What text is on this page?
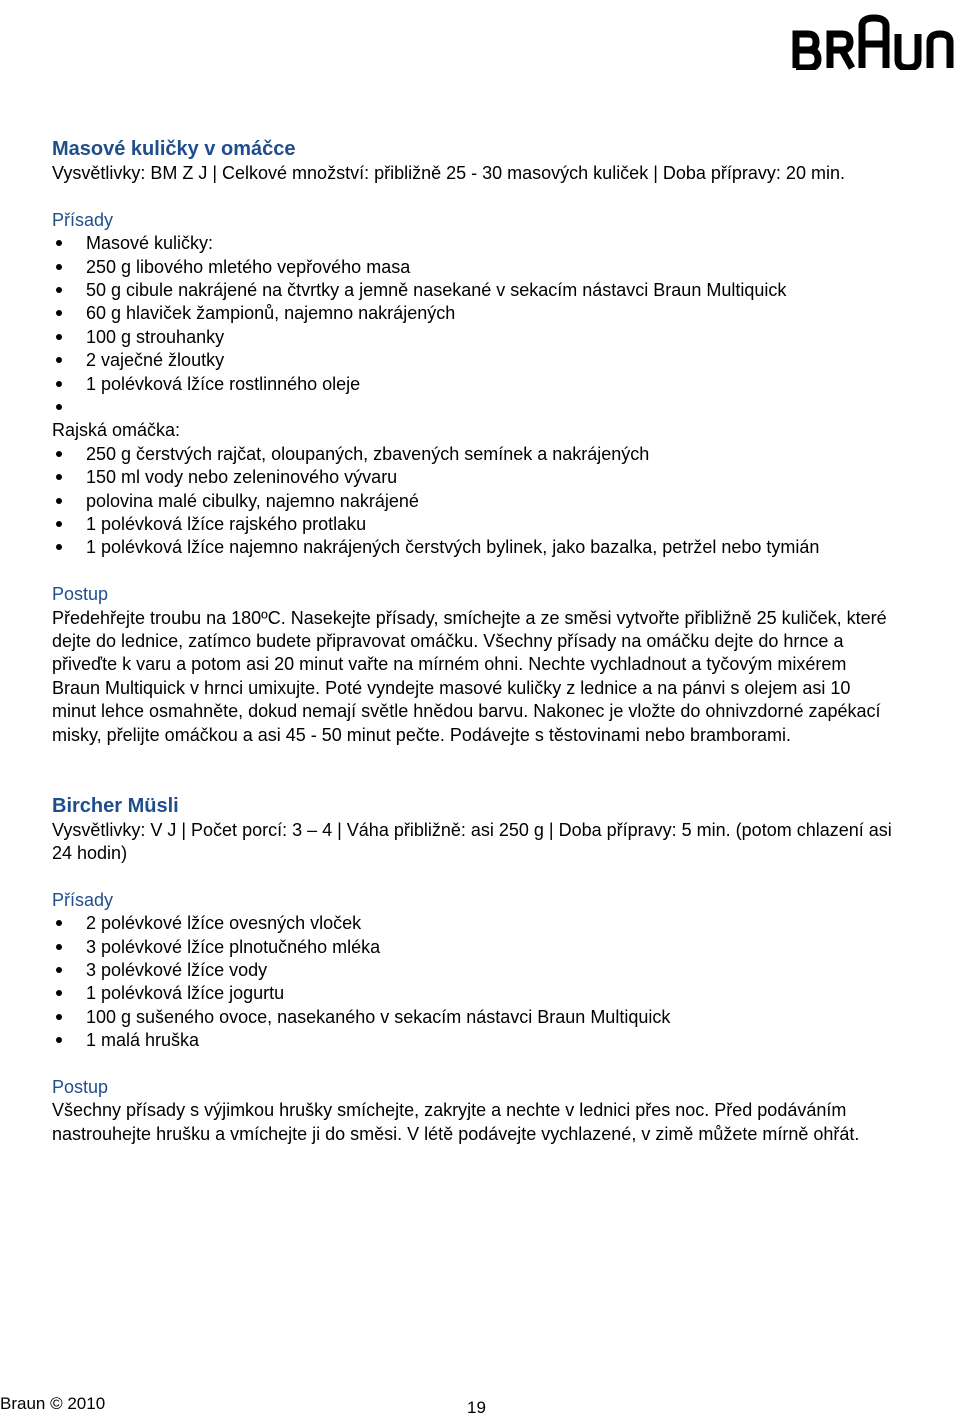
Masové kuličky v omáčce

Vysvětlivky: BM Z J | Celkové množství: přibližně 25 - 30 masových kuliček | Doba přípravy: 20 min.

Přísady
Masové kuličky:
250 g libového mletého vepřového masa
50 g cibule nakrájené na čtvrtky a jemně nasekané v sekacím nástavci Braun Multiquick
60 g hlaviček žampionů, najemno nakrájených
100 g strouhanky
2 vaječné žloutky
1 polévková lžíce rostlinného oleje
Rajská omáčka:
250 g čerstvých rajčat, oloupaných, zbavených semínek a nakrájených
150 ml vody nebo zeleninového vývaru
polovina malé cibulky, najemno nakrájené
1 polévková lžíce rajského protlaku
1 polévková lžíce najemno nakrájených čerstvých bylinek, jako bazalka, petržel nebo tymián
Postup

Předehřejte troubu na 180ºC. Nasekejte přísady, smíchejte a ze směsi vytvořte přibližně 25 kuliček, které dejte do lednice, zatímco budete připravovat omáčku. Všechny přísady na omáčku dejte do hrnce a přiveďte k varu a potom asi 20 minut vařte na mírném ohni. Nechte vychladnout a tyčovým mixérem Braun Multiquick v hrnci umixujte. Poté vyndejte masové kuličky z lednice a na pánvi s olejem asi 10 minut lehce osmahněte, dokud nemají světle hnědou barvu. Nakonec je vložte do ohnivzdorné zapékací misky, přelijte omáčkou a asi 45 - 50 minut pečte. Podávejte s těstovinami nebo bramborami.

Bircher Müsli

Vysvětlivky: V J | Počet porcí: 3 – 4 | Váha přibližně: asi 250 g | Doba přípravy: 5 min. (potom chlazení asi 24 hodin)

Přísady
2 polévkové lžíce ovesných vloček
3 polévkové lžíce plnotučného mléka
3 polévkové lžíce vody
1 polévková lžíce jogurtu
100 g sušeného ovoce, nasekaného v sekacím nástavci Braun Multiquick
1 malá hruška
Postup

Všechny přísady s výjimkou hrušky smíchejte, zakryjte a nechte v lednici přes noc. Před podáváním nastrouhejte hrušku a vmíchejte ji do směsi. V létě podávejte vychlazené, v zimě můžete mírně ohřát.

Braun © 2010	19
